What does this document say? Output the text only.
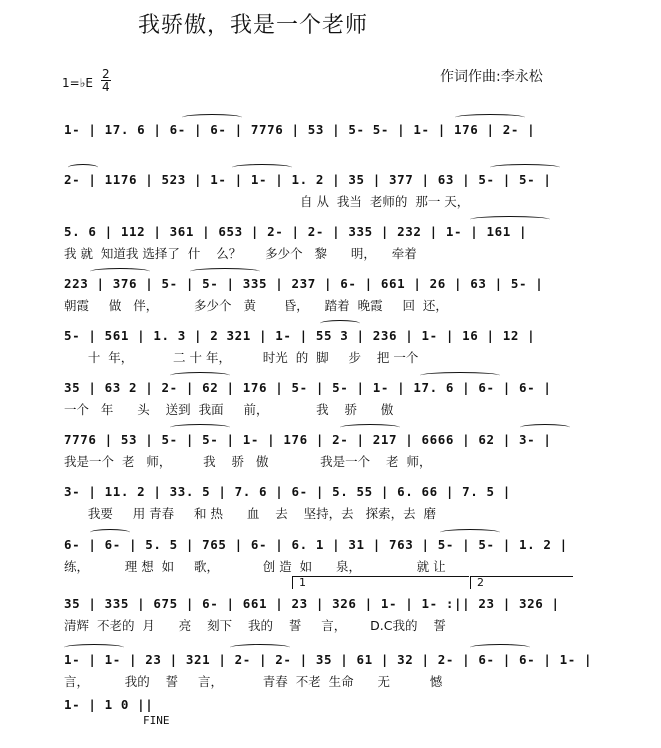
我骄傲，我是一个老师
作词作曲:李永松
1=♭E $\frac{2}{4}$
1- | 17. 6 | 6- | 6- | 7776 | 53 | 5- 5- | 1- | 176 | 2- |
2- | 1176 | 523 | 1- | 1- | 1. 2 | 35 | 377 | 63 | 5- | 5- |
自 从  我当  老师的  那一 天，
5. 6 | 112 | 361 | 653 | 2- | 2- | 335 | 232 | 1- | 161 |
我 就  知道我 选择了  什    么？      多少个   黎      明，    牵着
223 | 376 | 5- | 5- | 335 | 237 | 6- | 661 | 26 | 63 | 5- |
朝霞     做   伴，         多少个   黄       昏，    踏着  晚霞     回  还，
5- | 561 | 1. 3 | 2 321 | 1- | 55 3 | 236 | 1- | 16 | 12 |
十  年，          二 十 年，        时光  的  脚     步    把 一个
35 | 63 2 | 2- | 62 | 176 | 5- | 5- | 1- | 17. 6 | 6- | 6- |
一个   年      头    送到  我面     前，            我    骄      傲
7776 | 53 | 5- | 5- | 1- | 176 | 2- | 217 | 6666 | 62 | 3- |
我是一个  老   师，        我    骄   傲             我是一个    老  师，
3- | 11. 2 | 33. 5 | 7. 6 | 6- | 5. 55 | 6. 66 | 7. 5 |
我要     用 青春     和 热      血    去    坚持，去   探索，去  磨
6- | 6- | 5. 5 | 765 | 6- | 6. 1 | 31 | 763 | 5- | 5- | 1. 2 |
练，         理 想  如     歌，           创 造  如      泉，              就 让
1	2
35 | 335 | 675 | 6- | 661 | 23 | 326 | 1- | 1- :|| 23 | 326 |
清辉  不老的  月      亮    刻下    我的    誓     言，      D.C我的    誓
1- | 1- | 23 | 321 | 2- | 2- | 35 | 61 | 32 | 2- | 6- | 6- | 1- |
言，         我的    誓     言，          青春  不老  生命      无          憾
1- | 1 0 ||
FINE
